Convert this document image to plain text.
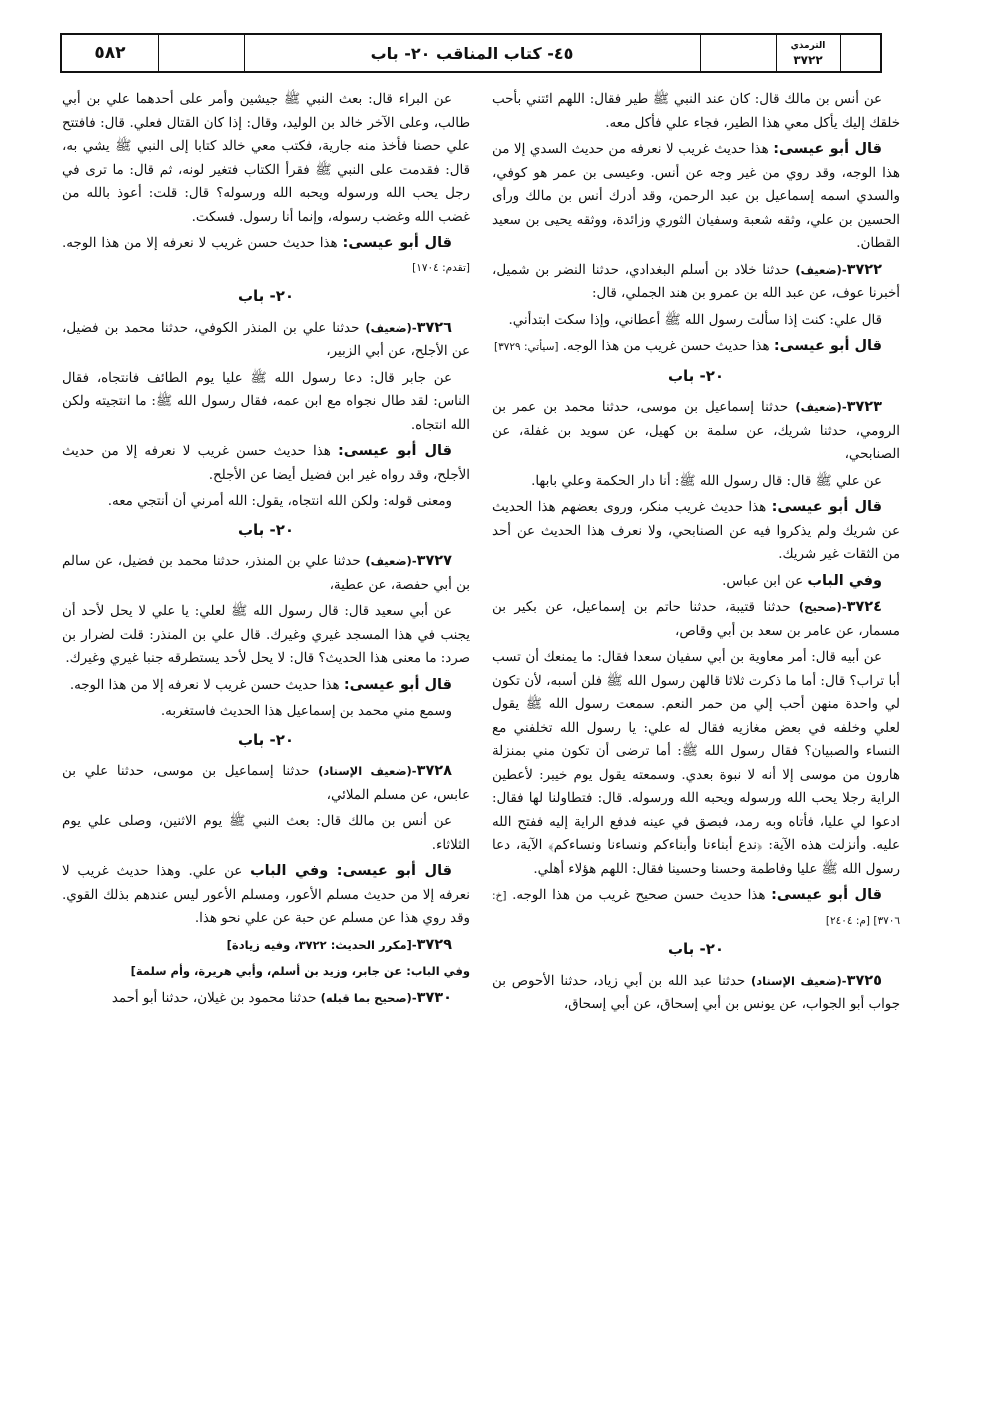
٥٨٢	٤٥- كتاب المناقب ٢٠- باب	الترمذي
٣٧٢٢

عن أنس بن مالك قال: كان عند النبي ﷺ طير فقال: اللهم ائتني بأحب خلقك إليك يأكل معي هذا الطير، فجاء علي فأكل معه.

قال أبو عيسى: هذا حديث غريب لا نعرفه من حديث السدي إلا من هذا الوجه، وقد روي من غير وجه عن أنس. وعيسى بن عمر هو كوفي، والسدي اسمه إسماعيل بن عبد الرحمن، وقد أدرك أنس بن مالك ورأى الحسين بن علي، وثقه شعبة وسفيان الثوري وزائدة، ووثقه يحيى بن سعيد القطان.

٣٧٢٢-(ضعيف) حدثنا خلاد بن أسلم البغدادي، حدثنا النضر بن شميل، أخبرنا عوف، عن عبد الله بن عمرو بن هند الجملي، قال:

قال علي: كنت إذا سألت رسول الله ﷺ أعطاني، وإذا سكت ابتدأني.

قال أبو عيسى: هذا حديث حسن غريب من هذا الوجه. [سيأتي: ٣٧٢٩]

٢٠- باب

٣٧٢٣-(ضعيف) حدثنا إسماعيل بن موسى، حدثنا محمد بن عمر بن الرومي، حدثنا شريك، عن سلمة بن كهيل، عن سويد بن غفلة، عن الصنابحي،

عن علي ﷺ قال: قال رسول الله ﷺ: أنا دار الحكمة وعلي بابها.

قال أبو عيسى: هذا حديث غريب منكر، وروى بعضهم هذا الحديث عن شريك ولم يذكروا فيه عن الصنابحي، ولا نعرف هذا الحديث عن أحد من الثقات غير شريك.

وفي الباب عن ابن عباس.

٣٧٢٤-(صحيح) حدثنا قتيبة، حدثنا حاتم بن إسماعيل، عن بكير بن مسمار، عن عامر بن سعد بن أبي وقاص،

عن أبيه قال: أمر معاوية بن أبي سفيان سعدا فقال: ما يمنعك أن تسب أبا تراب؟ قال: أما ما ذكرت ثلاثا قالهن رسول الله ﷺ فلن أسبه، لأن تكون لي واحدة منهن أحب إلي من حمر النعم. سمعت رسول الله ﷺ يقول لعلي وخلفه في بعض مغازيه فقال له علي: يا رسول الله تخلفني مع النساء والصبيان؟ فقال رسول الله ﷺ: أما ترضى أن تكون مني بمنزلة هارون من موسى إلا أنه لا نبوة بعدي. وسمعته يقول يوم خيبر: لأعطين الراية رجلا يحب الله ورسوله ويحبه الله ورسوله. قال: فتطاولنا لها فقال: ادعوا لي عليا، فأتاه وبه رمد، فبصق في عينه فدفع الراية إليه ففتح الله عليه. وأنزلت هذه الآية: ﴿ندع أبناءنا وأبناءكم ونساءنا ونساءكم﴾ الآية، دعا رسول الله ﷺ عليا وفاطمة وحسنا وحسينا فقال: اللهم هؤلاء أهلي.

قال أبو عيسى: هذا حديث حسن صحيح غريب من هذا الوجه. [خ: ٣٧٠٦] [م: ٢٤٠٤]

٢٠- باب

٣٧٢٥-(ضعيف الإسناد) حدثنا عبد الله بن أبي زياد، حدثنا الأحوص بن جواب أبو الجواب، عن يونس بن أبي إسحاق، عن أبي إسحاق،

عن البراء قال: بعث النبي ﷺ جيشين وأمر على أحدهما علي بن أبي طالب، وعلى الآخر خالد بن الوليد، وقال: إذا كان القتال فعلي. قال: فافتتح علي حصنا فأخذ منه جارية، فكتب معي خالد كتابا إلى النبي ﷺ يشي به، قال: فقدمت على النبي ﷺ فقرأ الكتاب فتغير لونه، ثم قال: ما ترى في رجل يحب الله ورسوله ويحبه الله ورسوله؟ قال: قلت: أعوذ بالله من غضب الله وغضب رسوله، وإنما أنا رسول. فسكت.

قال أبو عيسى: هذا حديث حسن غريب لا نعرفه إلا من هذا الوجه. [تقدم: ١٧٠٤]

٢٠- باب

٣٧٢٦-(ضعيف) حدثنا علي بن المنذر الكوفي، حدثنا محمد بن فضيل، عن الأجلح، عن أبي الزبير،

عن جابر قال: دعا رسول الله ﷺ عليا يوم الطائف فانتجاه، فقال الناس: لقد طال نجواه مع ابن عمه، فقال رسول الله ﷺ: ما انتجيته ولكن الله انتجاه.

قال أبو عيسى: هذا حديث حسن غريب لا نعرفه إلا من حديث الأجلح، وقد رواه غير ابن فضيل أيضا عن الأجلح.

ومعنى قوله: ولكن الله انتجاه، يقول: الله أمرني أن أنتجي معه.

٢٠- باب

٣٧٢٧-(ضعيف) حدثنا علي بن المنذر، حدثنا محمد بن فضيل، عن سالم بن أبي حفصة، عن عطية،

عن أبي سعيد قال: قال رسول الله ﷺ لعلي: يا علي لا يحل لأحد أن يجنب في هذا المسجد غيري وغيرك. قال علي بن المنذر: قلت لضرار بن صرد: ما معنى هذا الحديث؟ قال: لا يحل لأحد يستطرقه جنبا غيري وغيرك.

قال أبو عيسى: هذا حديث حسن غريب لا نعرفه إلا من هذا الوجه.

وسمع مني محمد بن إسماعيل هذا الحديث فاستغربه.

٢٠- باب

٣٧٢٨-(ضعيف الإسناد) حدثنا إسماعيل بن موسى، حدثنا علي بن عابس، عن مسلم الملائي،

عن أنس بن مالك قال: بعث النبي ﷺ يوم الاثنين، وصلى علي يوم الثلاثاء.

قال أبو عيسى: وفي الباب عن علي. وهذا حديث غريب لا نعرفه إلا من حديث مسلم الأعور، ومسلم الأعور ليس عندهم بذلك القوي. وقد روي هذا عن مسلم عن حبة عن علي نحو هذا.

٣٧٢٩-[مكرر الحديث: ٣٧٢٢، وفيه زيادة]

وفي الباب: عن جابر، وزيد بن أسلم، وأبي هريرة، وأم سلمة]

٣٧٣٠-(صحيح بما قبله) حدثنا محمود بن غيلان، حدثنا أبو أحمد
